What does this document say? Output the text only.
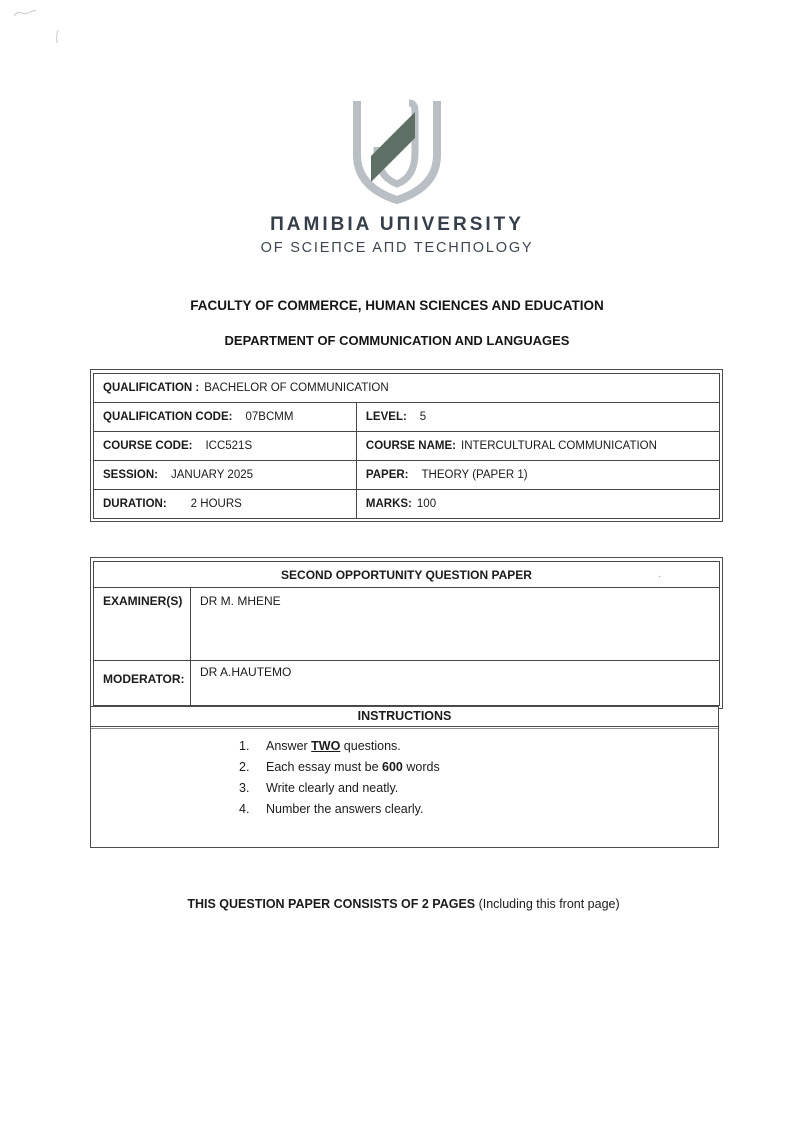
ΠAMIBIA UΠIVERSITY
OF SCIEΠCE AΠD TECHΠOLOGY
FACULTY OF COMMERCE, HUMAN SCIENCES AND EDUCATION
DEPARTMENT OF COMMUNICATION AND LANGUAGES
QUALIFICATION : BACHELOR OF COMMUNICATION	
QUALIFICATION CODE: 07BCMM	LEVEL: 5
COURSE CODE: ICC521S	COURSE NAME: INTERCULTURAL COMMUNICATION
SESSION: JANUARY 2025	PAPER: THEORY (PAPER 1)
DURATION: 2 HOURS	MARKS: 100
SECOND OPPORTUNITY QUESTION PAPER .	

EXAMINER(S)	DR M. MHENE
MODERATOR:	DR A.HAUTEMO
INSTRUCTIONS
1.	Answer TWO questions.
2.	Each essay must be 600 words
3.	Write clearly and neatly.
4.	Number the answers clearly.
THIS QUESTION PAPER CONSISTS OF 2 PAGES (Including this front page)
